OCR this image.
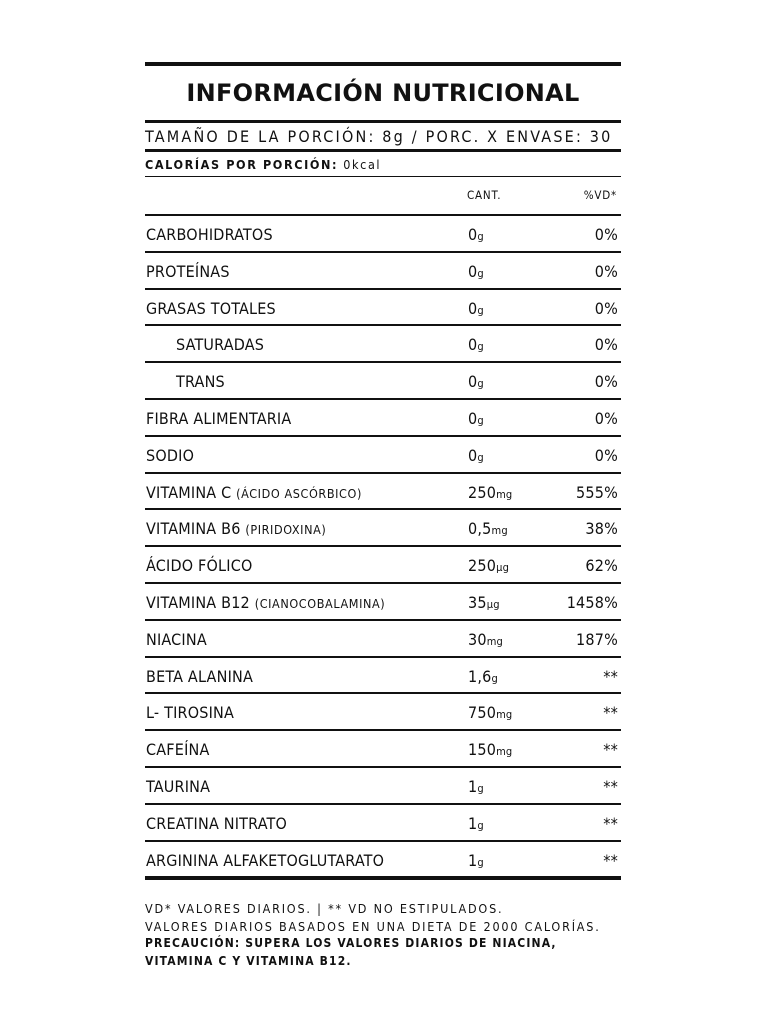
INFORMACIÓN NUTRICIONAL
TAMAÑO DE LA PORCIÓN: 8g / PORC. X ENVASE: 30
CALORÍAS POR PORCIÓN:
0kcal
CANT.	%VD*
CARBOHIDRATOS	0g	0%
PROTEÍNAS	0g	0%
GRASAS TOTALES	0g	0%
SATURADAS	0g	0%
TRANS	0g	0%
FIBRA ALIMENTARIA	0g	0%
SODIO	0g	0%
VITAMINA C (ÁCIDO ASCÓRBICO)	250mg	555%
VITAMINA B6 (PIRIDOXINA)	0,5mg	38%
ÁCIDO FÓLICO	250µg	62%
VITAMINA B12 (CIANOCOBALAMINA)	35µg	1458%
NIACINA	30mg	187%
BETA ALANINA	1,6g	**
L- TIROSINA	750mg	**
CAFEÍNA	150mg	**
TAURINA	1g	**
CREATINA NITRATO	1g	**
ARGININA ALFAKETOGLUTARATO	1g	**
VD* VALORES DIARIOS. | ** VD NO ESTIPULADOS.
VALORES DIARIOS BASADOS EN UNA DIETA DE 2000 CALORÍAS.
PRECAUCIÓN: SUPERA LOS VALORES DIARIOS DE NIACINA, VITAMINA C Y VITAMINA B12.
